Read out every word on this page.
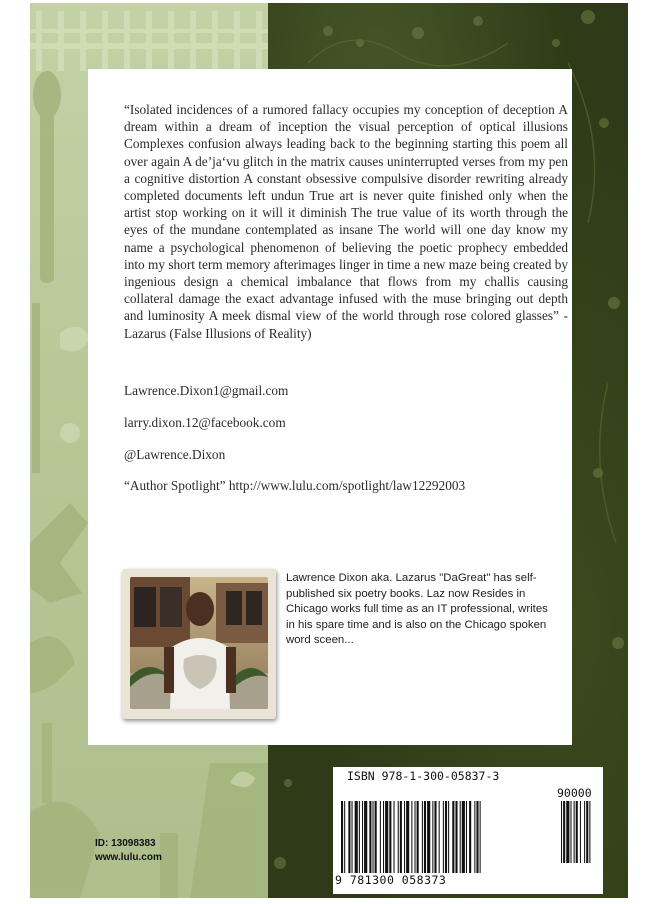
“Isolated incidences of a rumored fallacy occupies my conception of deception A dream within a dream of inception the visual perception of optical illusions Complexes confusion always leading back to the beginning starting this poem all over again A de’ja‘vu glitch in the matrix causes uninterrupted verses from my pen a cognitive distortion A constant obsessive compulsive disorder rewriting already completed documents left undun True art is never quite finished only when the artist stop working on it will it diminish The true value of its worth through the eyes of the mundane contemplated as insane The world will one day know my name a psychological phenomenon of believing the poetic prophecy embedded into my short term memory afterimages linger in time a new maze being created by ingenious design a chemical imbalance that flows from my challis causing collateral damage the exact advantage infused with the muse bringing out depth and luminosity A meek dismal view of the world through rose colored glasses” - Lazarus (False Illusions of Reality)

Lawrence.Dixon1@gmail.com

larry.dixon.12@facebook.com

@Lawrence.Dixon

“Author Spotlight” http://www.lulu.com/spotlight/law12292003

Lawrence Dixon aka. Lazarus "DaGreat" has self-published six poetry books. Laz now Resides in Chicago works full time as an IT professional, writes in his spare time and is also on the Chicago spoken word sceen...

ISBN 978-1-300-05837-3
90000
9 781300 058373
ID: 13098383
www.lulu.com
